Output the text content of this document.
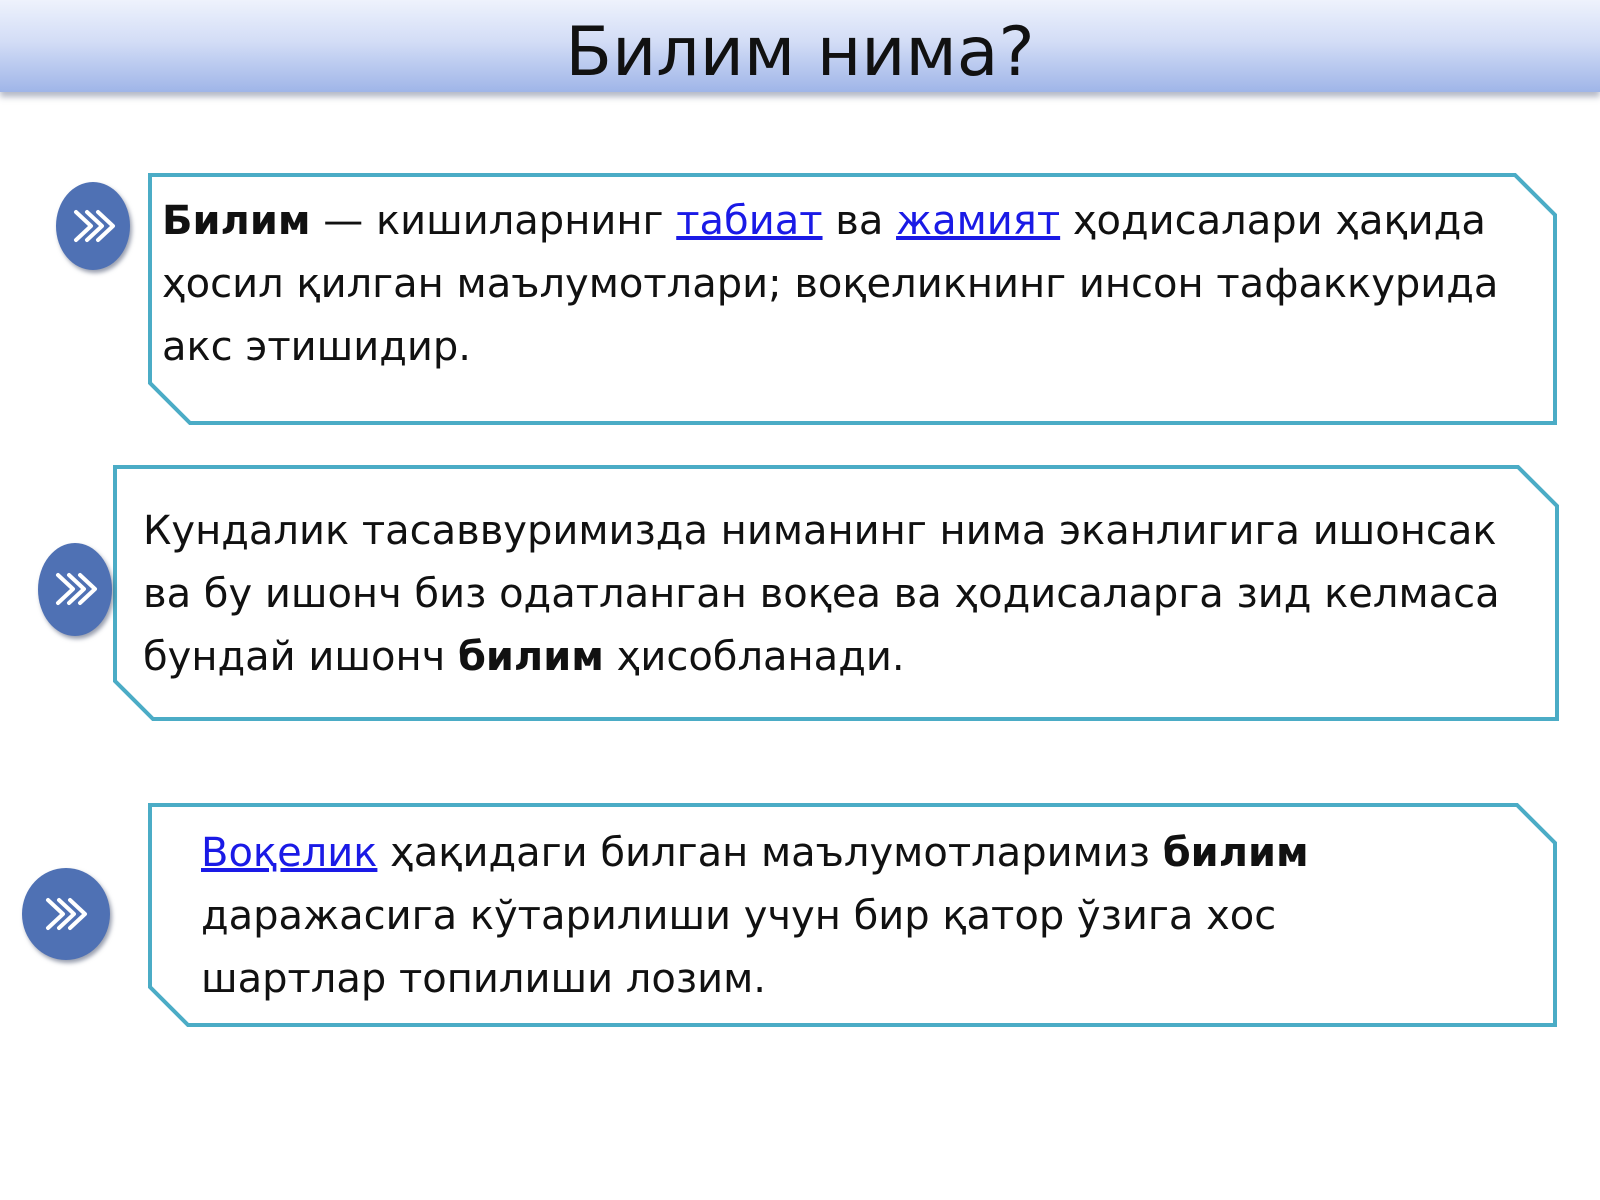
Билим нима?

Билим — кишиларнинг табиат ва жамият ҳодисалари ҳақида ҳосил қилган маълумотлари; воқеликнинг инсон тафаккурида акс этишидир.

Кундалик тасаввуримизда ниманинг нима эканлигига ишонсак ва бу ишонч биз одатланган воқеа ва ҳодисаларга зид келмаса бундай ишонч билим ҳисобланади.

Воқелик ҳақидаги билган маълумотларимиз билим даражасига кўтарилиши учун бир қатор ўзига хос шартлар топилиши лозим.
